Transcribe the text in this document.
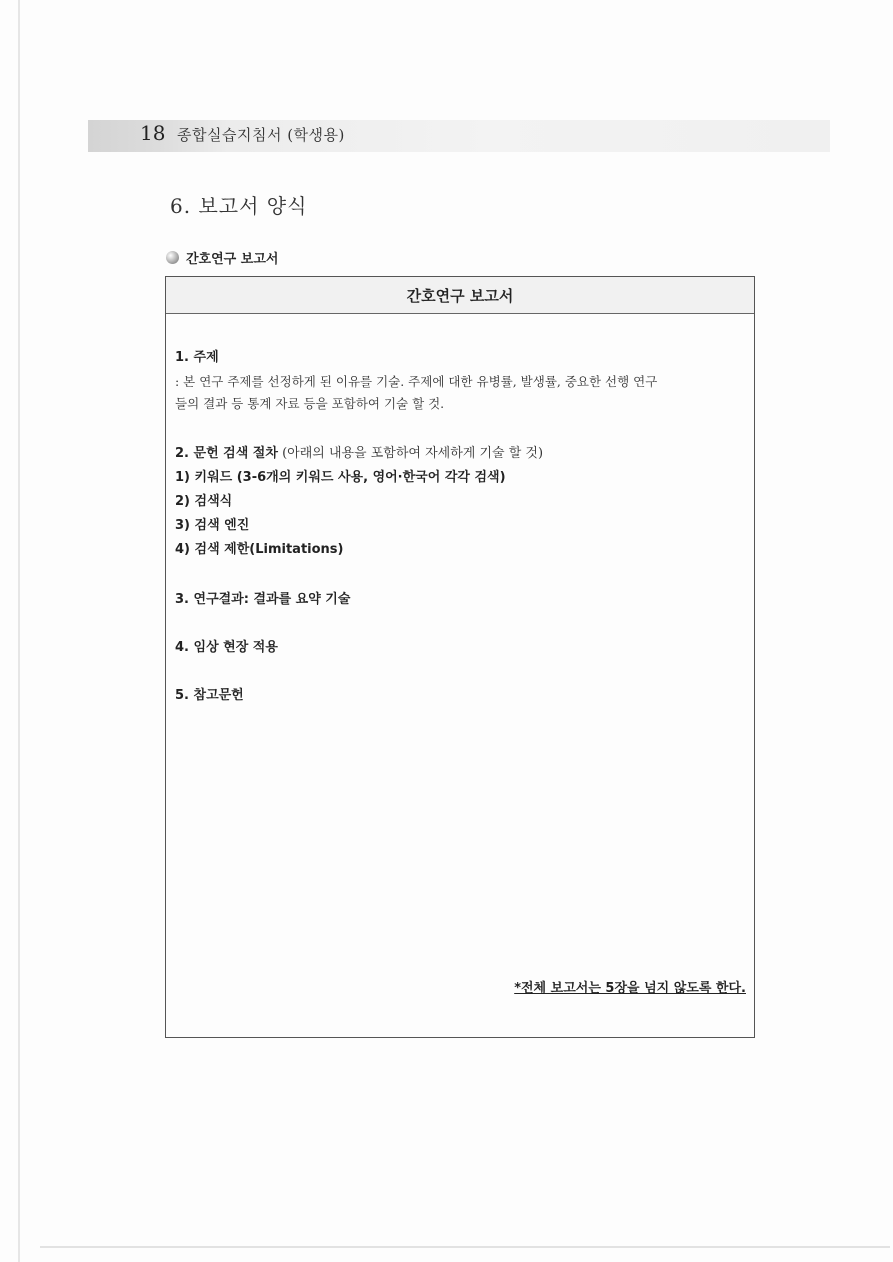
18 종합실습지침서 (학생용)
6. 보고서 양식
간호연구 보고서
간호연구 보고서
1. 주제
: 본 연구 주제를 선정하게 된 이유를 기술. 주제에 대한 유병률, 발생률, 중요한 선행 연구
들의 결과 등 통계 자료 등을 포함하여 기술 할 것.
2. 문헌 검색 절차 (아래의 내용을 포함하여 자세하게 기술 할 것)
1) 키워드 (3-6개의 키워드 사용, 영어·한국어 각각 검색)
2) 검색식
3) 검색 엔진
4) 검색 제한(Limitations)
3. 연구결과: 결과를 요약 기술
4. 임상 현장 적용
5. 참고문헌
*전체 보고서는 5장을 넘지 않도록 한다.
